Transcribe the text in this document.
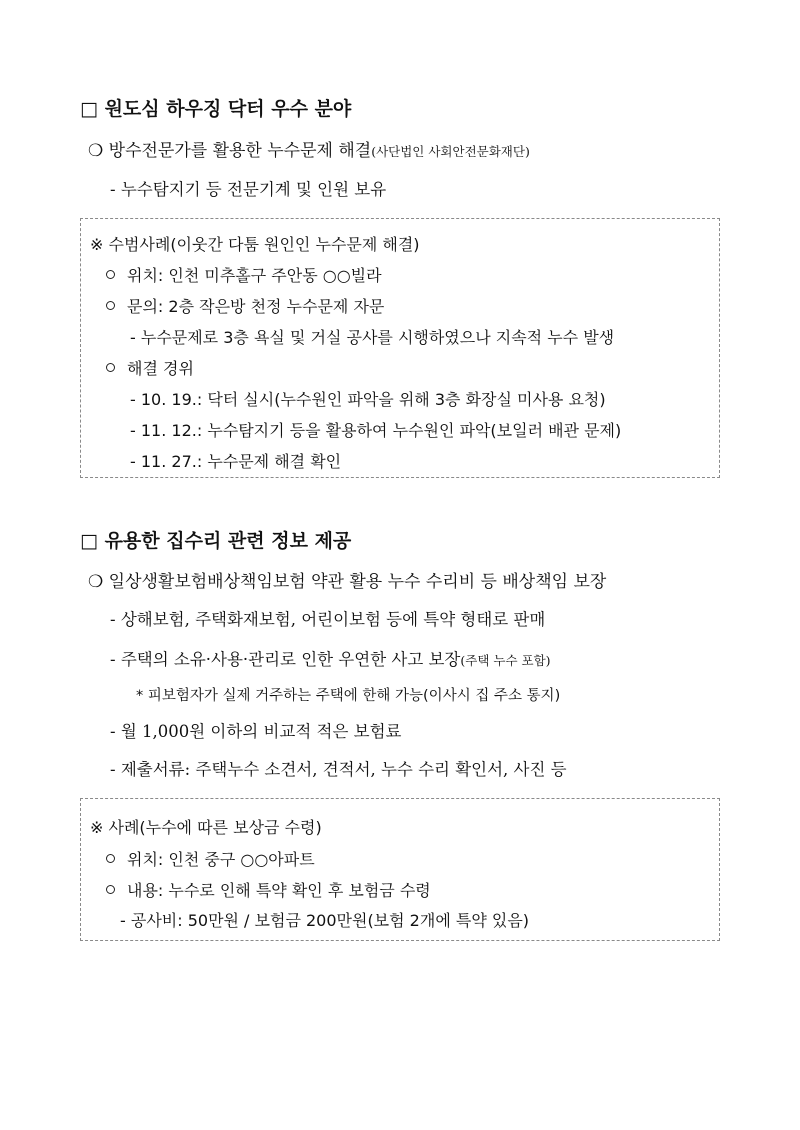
□ 원도심 하우징 닥터 우수 분야
❍ 방수전문가를 활용한 누수문제 해결(사단법인 사회안전문화재단)
- 누수탐지기 등 전문기계 및 인원 보유
※ 수범사례(이웃간 다툼 원인인 누수문제 해결)
위치: 인천 미추홀구 주안동 ○○빌라
문의: 2층 작은방 천정 누수문제 자문
- 누수문제로 3층 욕실 및 거실 공사를 시행하였으나 지속적 누수 발생
해결 경위
- 10. 19.: 닥터 실시(누수원인 파악을 위해 3층 화장실 미사용 요청)
- 11. 12.: 누수탐지기 등을 활용하여 누수원인 파악(보일러 배관 문제)
- 11. 27.: 누수문제 해결 확인
□ 유용한 집수리 관련 정보 제공
❍ 일상생활보험배상책임보험 약관 활용 누수 수리비 등 배상책임 보장
- 상해보험, 주택화재보험, 어린이보험 등에 특약 형태로 판매
- 주택의 소유·사용·관리로 인한 우연한 사고 보장(주택 누수 포함)
* 피보험자가 실제 거주하는 주택에 한해 가능(이사시 집 주소 통지)
- 월 1,000원 이하의 비교적 적은 보험료
- 제출서류: 주택누수 소견서, 견적서, 누수 수리 확인서, 사진 등
※ 사례(누수에 따른 보상금 수령)
위치: 인천 중구 ○○아파트
내용: 누수로 인해 특약 확인 후 보험금 수령
- 공사비: 50만원 / 보험금 200만원(보험 2개에 특약 있음)
